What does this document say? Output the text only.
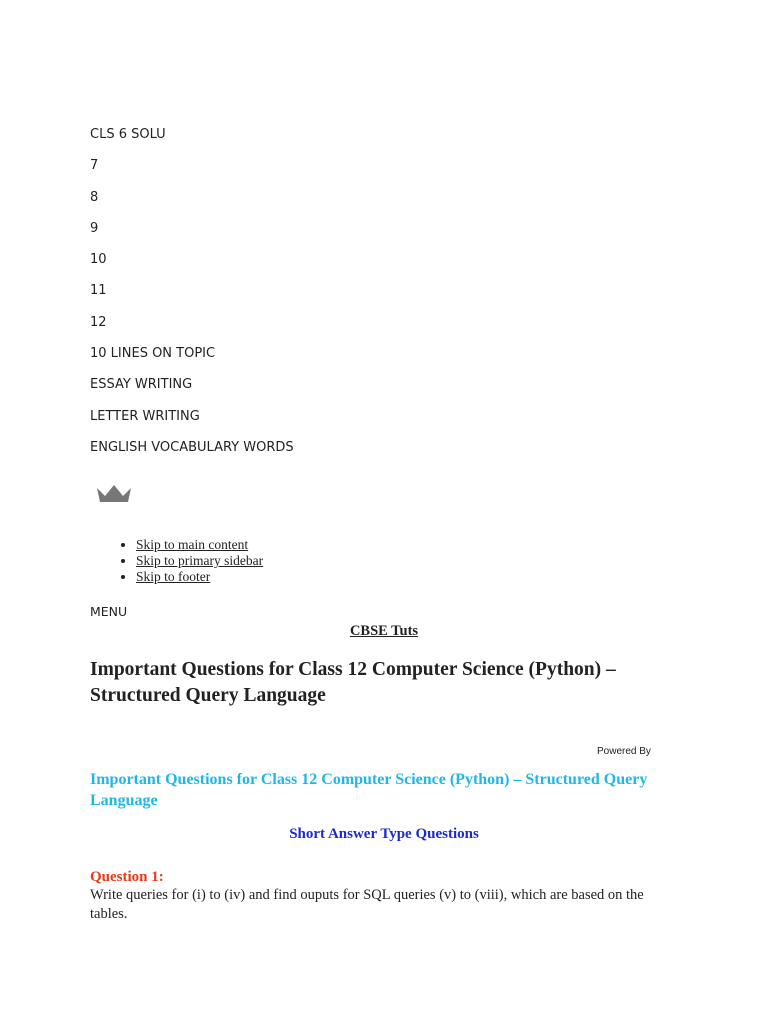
CLS 6 SOLU
7
8
9
10
11
12
10 LINES ON TOPIC
ESSAY WRITING
LETTER WRITING
ENGLISH VOCABULARY WORDS
• Skip to main content
• Skip to primary sidebar
• Skip to footer
MENU
CBSE Tuts
Important Questions for Class 12 Computer Science (Python) – Structured Query Language
Powered By
Important Questions for Class 12 Computer Science (Python) – Structured Query Language
Short Answer Type Questions
Question 1:
Write queries for (i) to (iv) and find ouputs for SQL queries (v) to (viii), which are based on the tables.
